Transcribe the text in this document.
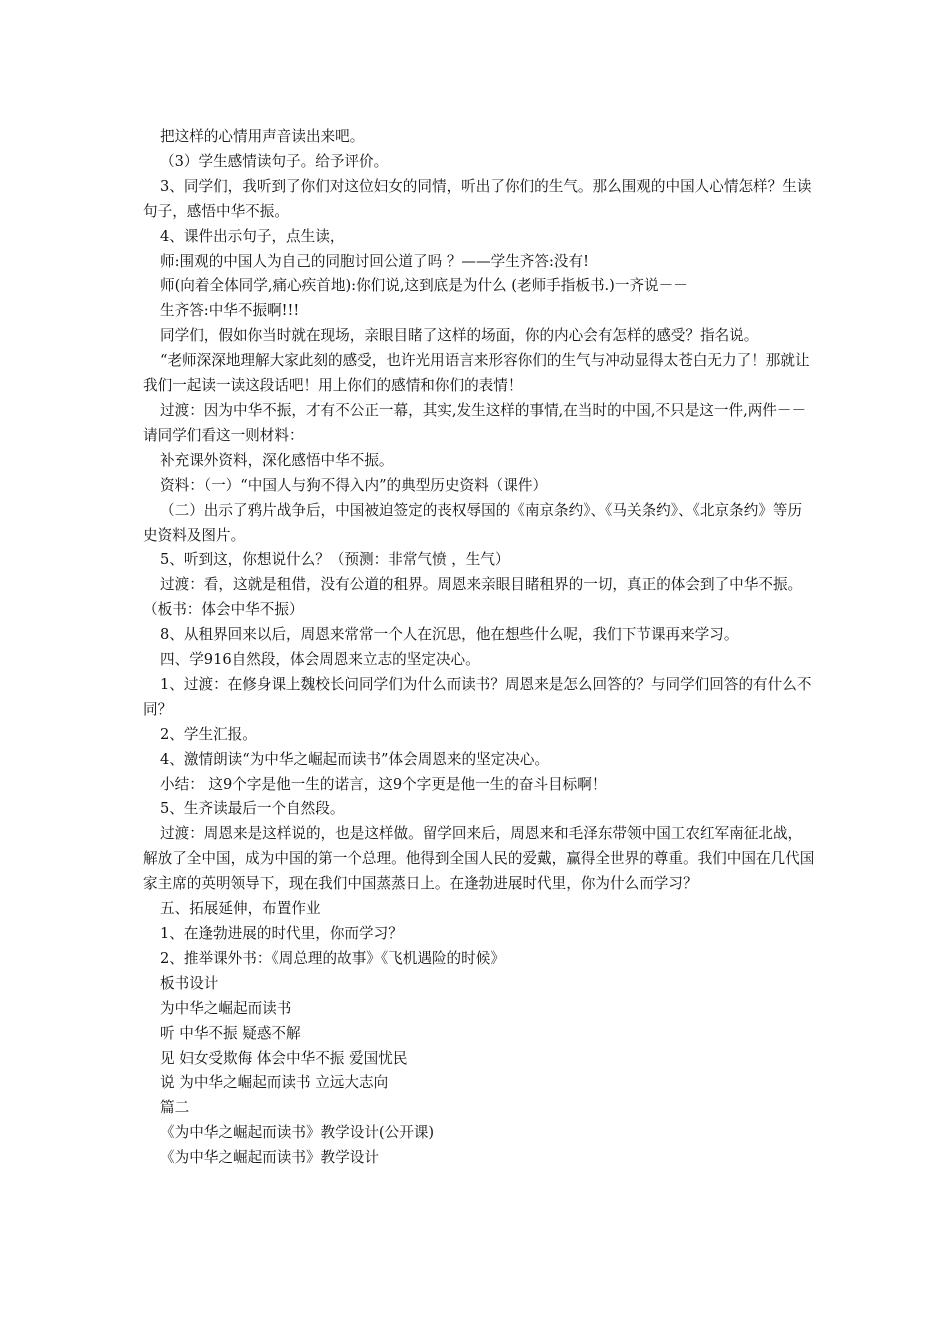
把这样的心情用声音读出来吧。

（3）学生感情读句子。给予评价。

3、同学们，我听到了你们对这位妇女的同情，听出了你们的生气。那么围观的中国人心情怎样？生读句子，感悟中华不振。

4、课件出示句子，点生读，

师:围观的中国人为自己的同胞讨回公道了吗 ？——学生齐答:没有!

师(向着全体同学,痛心疾首地):你们说,这到底是为什么 (老师手指板书.)一齐说－－

生齐答:中华不振啊!!!

同学们，假如你当时就在现场，亲眼目睹了这样的场面，你的内心会有怎样的感受？指名说。

“老师深深地理解大家此刻的感受，也许光用语言来形容你们的生气与冲动显得太苍白无力了！那就让我们一起读一读这段话吧！用上你们的感情和你们的表情！

过渡：因为中华不振，才有不公正一幕，其实,发生这样的事情,在当时的中国,不只是这一件,两件－－ 请同学们看这一则材料：

补充课外资料，深化感悟中华不振。

资料：（一）“中国人与狗不得入内”的典型历史资料（课件）

（二）出示了鸦片战争后，中国被迫签定的丧权辱国的《南京条约》、《马关条约》、《北京条约》等历史资料及图片。

5、听到这，你想说什么？（预测：非常气愤 ，生气）

过渡：看，这就是租借，没有公道的租界。周恩来亲眼目睹租界的一切，真正的体会到了中华不振。（板书：体会中华不振）

8、从租界回来以后，周恩来常常一个人在沉思，他在想些什么呢，我们下节课再来学习。

四、学916自然段，体会周恩来立志的坚定决心。

1、过渡：在修身课上魏校长问同学们为什么而读书？周恩来是怎么回答的？与同学们回答的有什么不同？

2、学生汇报。

4、激情朗读“为中华之崛起而读书”体会周恩来的坚定决心。

小结： 这9个字是他一生的诺言，这9个字更是他一生的奋斗目标啊！

5、生齐读最后一个自然段。

过渡：周恩来是这样说的，也是这样做。留学回来后，周恩来和毛泽东带领中国工农红军南征北战，解放了全中国，成为中国的第一个总理。他得到全国人民的爱戴，赢得全世界的尊重。我们中国在几代国家主席的英明领导下，现在我们中国蒸蒸日上。在逢勃进展时代里，你为什么而学习？

五、拓展延伸，布置作业

1、在逢勃进展的时代里，你而学习？

2、推举课外书：《周总理的故事》《飞机遇险的时候》

板书设计

为中华之崛起而读书

听 中华不振 疑惑不解

见 妇女受欺侮 体会中华不振 爱国忧民

说 为中华之崛起而读书 立远大志向

篇二

《为中华之崛起而读书》教学设计(公开课)

《为中华之崛起而读书》教学设计
